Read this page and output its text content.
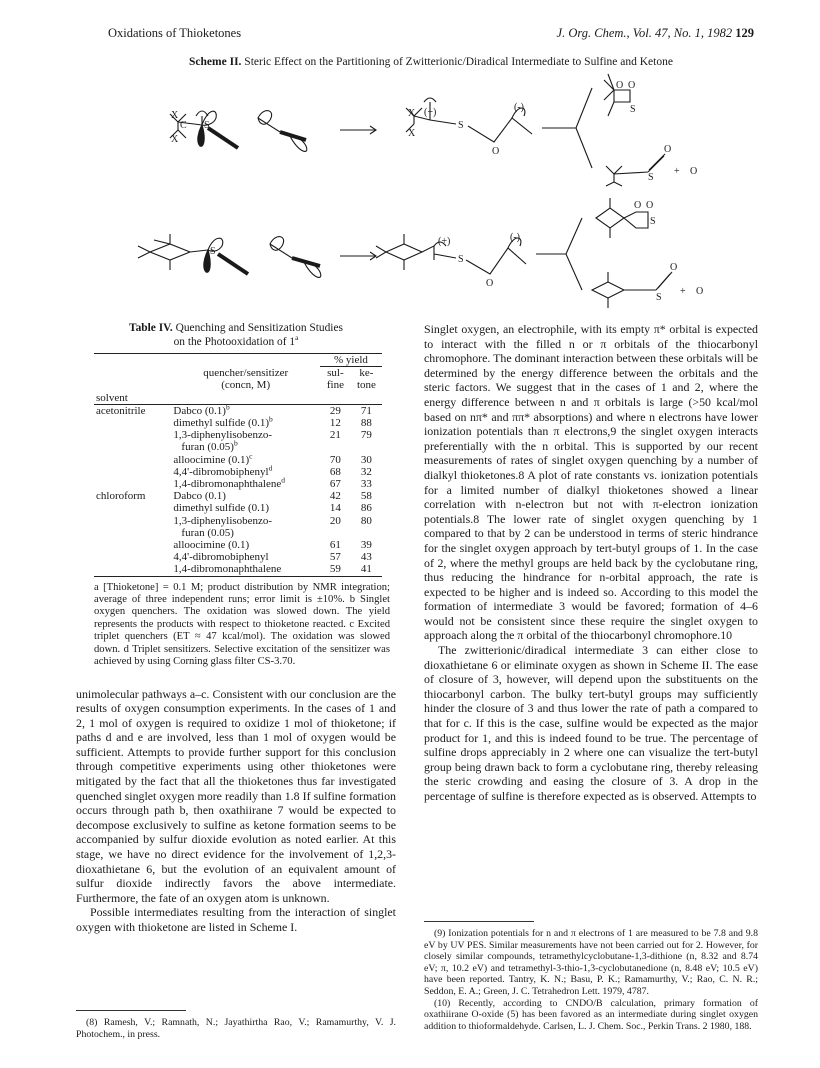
Oxidations of Thioketones	J. Org. Chem., Vol. 47, No. 1, 1982 129
Scheme II. Steric Effect on the Partitioning of Zwitterionic/Diradical Intermediate to Sulfine and Ketone
X
X
C S
(+)
S
O
(-)
X
X
O O
S
S
O
+ O
S
(+)
S
O
(-)
O O
S
S
O
+ O
Table IV. Quenching and Sensitization Studies
on the Photooxidation of 1$^a$
		% yield	
	quencher/sensitizer
(concn, M)	sul- fine	ke- tone
solvent			
acetonitrile	Dabco $(0.1)^b$	29	71
	dimethyl sulfide $(0.1)^b$	12	88
	1,3-diphenylisobenzo-	21	79
	furan $(0.05)^b$		
	alloocimine $(0.1)^c$	70	30
	4,4'-dibromobiphenyl$^d$	68	32
	1,4-dibromonaphthalene$^d$	67	33
chloroform	Dabco (0.1)	42	58
	dimethyl sulfide (0.1)	14	86
	1,3-diphenylisobenzo-	20	80
	furan (0.05)		
	alloocimine (0.1)	61	39
	4,4'-dibromobiphenyl	57	43
	1,4-dibromonaphthalene	59	41
a [Thioketone] = 0.1 M; product distribution by NMR integration; average of three independent runs; error limit is ±10%. b Singlet oxygen quenchers. The oxidation was slowed down. The yield represents the products with respect to thioketone reacted. c Excited triplet quenchers (ET ≈ 47 kcal/mol). The oxidation was slowed down. d Triplet sensitizers. Selective excitation of the sensitizer was achieved by using Corning glass filter CS-3.70.

unimolecular pathways a–c. Consistent with our conclusion are the results of oxygen consumption experiments. In the cases of 1 and 2, 1 mol of oxygen is required to oxidize 1 mol of thioketone; if paths d and e are involved, less than 1 mol of oxygen would be sufficient. Attempts to provide further support for this conclusion through competitive experiments using other thioketones were mitigated by the fact that all the thioketones thus far investigated quenched singlet oxygen more readily than 1.8 If sulfine formation occurs through path b, then oxathiirane 7 would be expected to decompose exclusively to sulfine as ketone formation seems to be accompanied by sulfur dioxide evolution as noted earlier. At this stage, we have no direct evidence for the involvement of 1,2,3-dioxathietane 6, but the evolution of an equivalent amount of sulfur dioxide indirectly favors the above intermediate. Furthermore, the fate of an oxygen atom is unknown.

Possible intermediates resulting from the interaction of singlet oxygen with thioketone are listed in Scheme I.

(8) Ramesh, V.; Ramnath, N.; Jayathirtha Rao, V.; Ramamurthy, V. J. Photochem., in press.

Singlet oxygen, an electrophile, with its empty π* orbital is expected to interact with the filled n or π orbitals of the thiocarbonyl chromophore. The dominant interaction between these orbitals will be determined by the energy difference between the orbitals and the steric factors. We suggest that in the cases of 1 and 2, where the energy difference between n and π orbitals is large (>50 kcal/mol based on nπ* and ππ* absorptions) and where n electrons have lower ionization potentials than π electrons,9 the singlet oxygen interacts preferentially with the n orbital. This is supported by our recent measurements of rates of singlet oxygen quenching by a number of dialkyl thioketones.8 A plot of rate constants vs. ionization potentials for a limited number of dialkyl thioketones showed a linear correlation with n-electron but not with π-electron ionization potentials.8 The lower rate of singlet oxygen quenching by 1 compared to that by 2 can be understood in terms of steric hindrance for the singlet oxygen approach by tert-butyl groups of 1. In the case of 2, where the methyl groups are held back by the cyclobutane ring, thus reducing the hindrance for n-orbital approach, the rate is expected to be higher and is indeed so. According to this model the formation of intermediate 3 would be favored; formation of 4–6 would not be consistent since these require the singlet oxygen to approach along the π orbital of the thiocarbonyl chromophore.10

The zwitterionic/diradical intermediate 3 can either close to dioxathietane 6 or eliminate oxygen as shown in Scheme II. The ease of closure of 3, however, will depend upon the substituents on the thiocarbonyl carbon. The bulky tert-butyl groups may sufficiently hinder the closure of 3 and thus lower the rate of path a compared to that for c. If this is the case, sulfine would be expected as the major product for 1, and this is indeed found to be true. The percentage of sulfine drops appreciably in 2 where one can visualize the tert-butyl group being drawn back to form a cyclobutane ring, thereby releasing the steric crowding and easing the closure of 3. A drop in the percentage of sulfine is therefore expected as is observed. Attempts to

(9) Ionization potentials for n and π electrons of 1 are measured to be 7.8 and 9.8 eV by UV PES. Similar measurements have not been carried out for 2. However, for closely similar compounds, tetramethylcyclobutane-1,3-dithione (n, 8.32 and 8.74 eV; π, 10.2 eV) and tetramethyl-3-thio-1,3-cyclobutanedione (n, 8.48 eV; 10.5 eV) have been reported. Tantry, K. N.; Basu, P. K.; Ramamurthy, V.; Rao, C. N. R.; Seddon, E. A.; Green, J. C. Tetrahedron Lett. 1979, 4787.

(10) Recently, according to CNDO/B calculation, primary formation of oxathiirane O-oxide (5) has been favored as an intermediate during singlet oxygen addition to thioformaldehyde. Carlsen, L. J. Chem. Soc., Perkin Trans. 2 1980, 188.
